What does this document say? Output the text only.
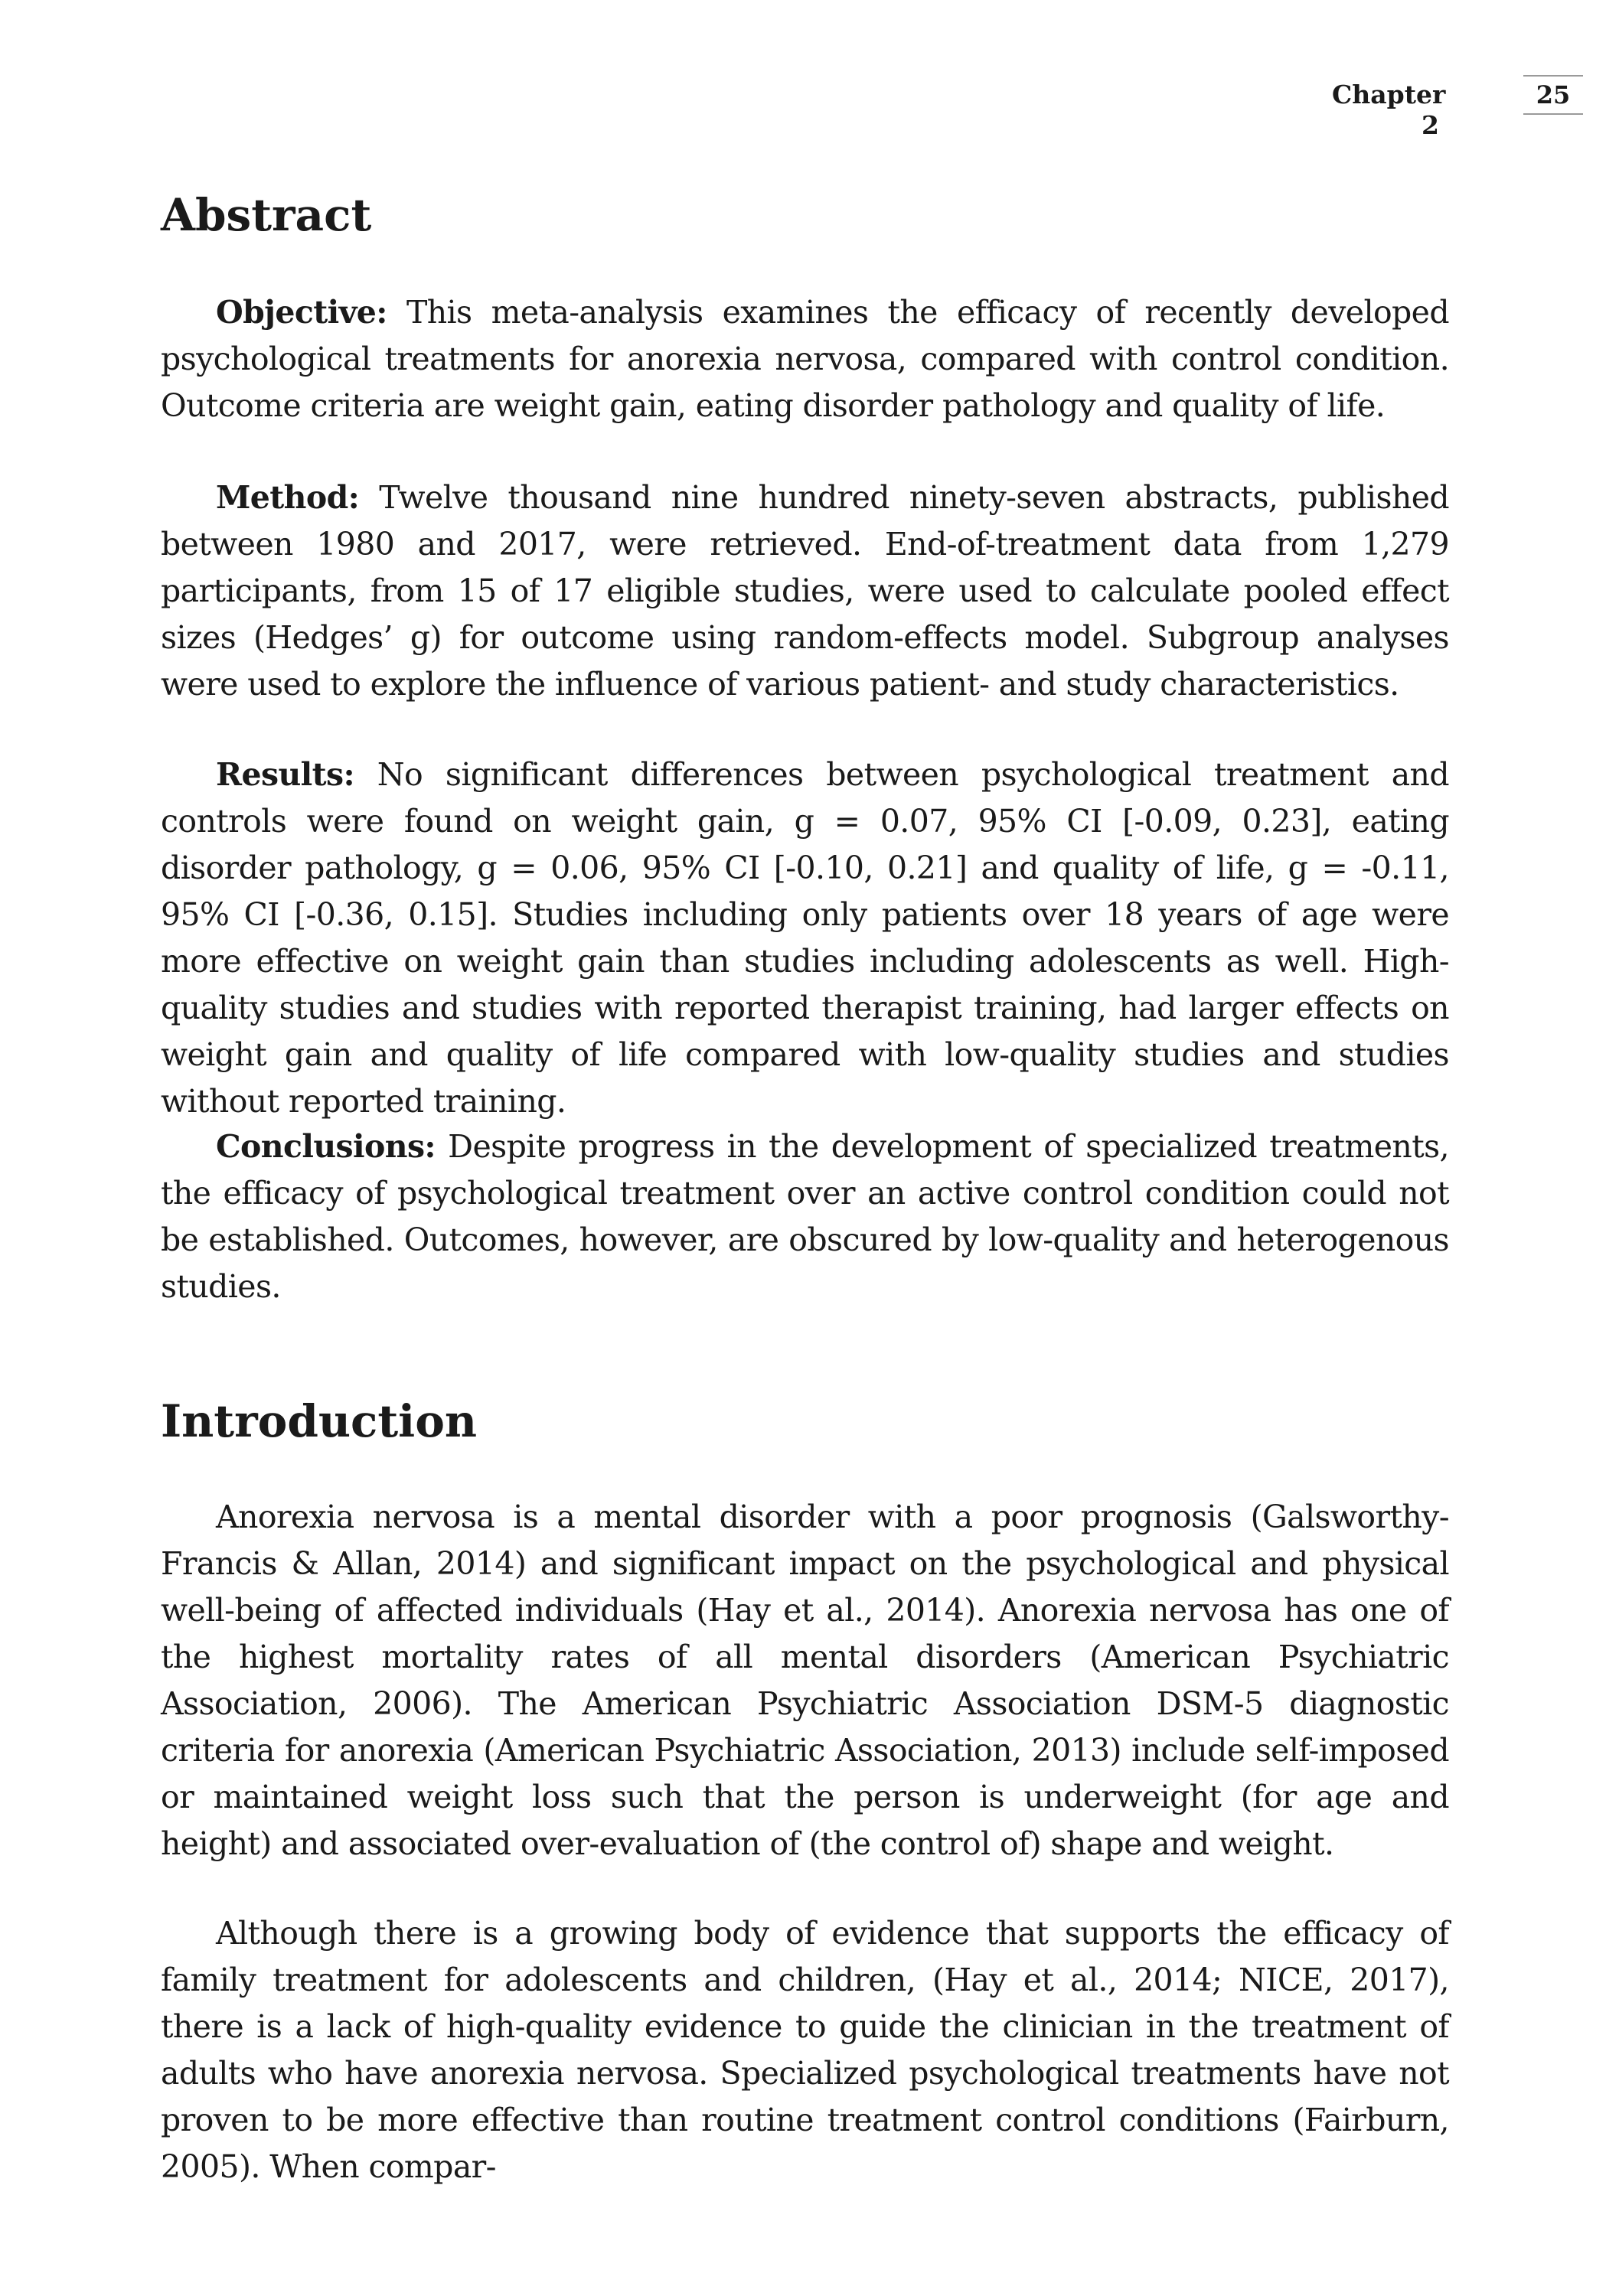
Chapter 2
25
Abstract

Objective: This meta-analysis examines the efficacy of recently developed psychological treatments for anorexia nervosa, compared with control condition. Outcome criteria are weight gain, eating disorder pathology and quality of life.

Method: Twelve thousand nine hundred ninety-seven abstracts, published between 1980 and 2017, were retrieved. End-of-treatment data from 1,279 participants, from 15 of 17 eligible studies, were used to calculate pooled effect sizes (Hedges’ g) for outcome using random-effects model. Subgroup analyses were used to explore the influence of various patient- and study characteristics.

Results: No significant differences between psychological treatment and controls were found on weight gain, g = 0.07, 95% CI [-0.09, 0.23], eating disorder pathology, g = 0.06, 95% CI [-0.10, 0.21] and quality of life, g = -0.11, 95% CI [-0.36, 0.15]. Studies including only patients over 18 years of age were more effective on weight gain than studies including adolescents as well. High-quality studies and studies with reported therapist training, had larger effects on weight gain and quality of life compared with low-quality studies and studies without reported training.

Conclusions: Despite progress in the development of specialized treatments, the efficacy of psychological treatment over an active control condition could not be established. Outcomes, however, are obscured by low-quality and heterogenous studies.

Introduction

Anorexia nervosa is a mental disorder with a poor prognosis (Galsworthy-Francis & Allan, 2014) and significant impact on the psychological and physical well-being of affected individuals (Hay et al., 2014). Anorexia nervosa has one of the highest mortality rates of all mental disorders (American Psychiatric Association, 2006). The American Psychiatric Association DSM-5 diagnostic criteria for anorexia (American Psychiatric Association, 2013) include self-imposed or maintained weight loss such that the person is underweight (for age and height) and associated over-evaluation of (the control of) shape and weight.

Although there is a growing body of evidence that supports the efficacy of family treatment for adolescents and children, (Hay et al., 2014; NICE, 2017), there is a lack of high-quality evidence to guide the clinician in the treatment of adults who have anorexia nervosa. Specialized psychological treatments have not proven to be more effective than routine treatment control conditions (Fairburn, 2005). When compar-
